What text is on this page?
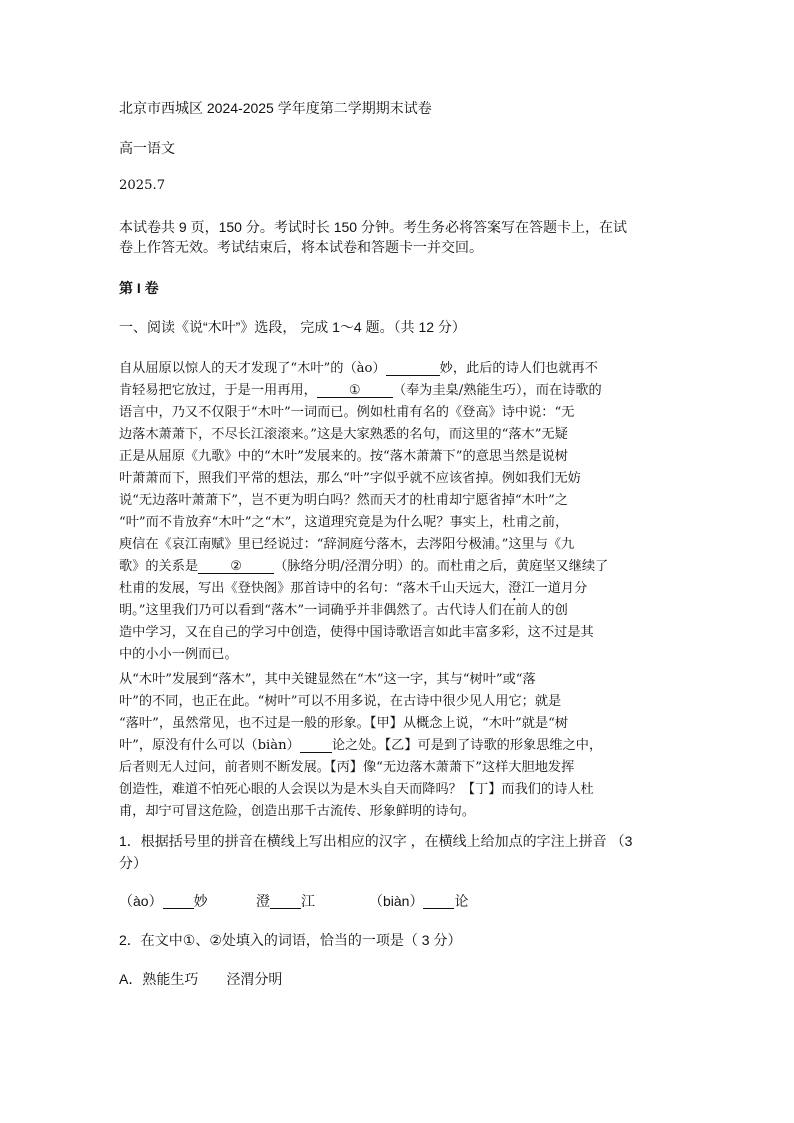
北京市西城区 2024-2025 学年度第二学期期末试卷
高一语文
2025.7
本试卷共 9 页，150 分。考试时长 150 分钟。考生务必将答案写在答题卡上，在试
卷上作答无效。考试结束后，将本试卷和答题卡一并交回。
第 I 卷
一、阅读《说“木叶”》选段， 完成 1～4 题。（共 12 分）
自从屈原以惊人的天才发现了“木叶”的（ào）	妙，此后的诗人们也就再不
肯轻易把它放过，于是一用再用， ① （奉为圭臬/熟能生巧），而在诗歌的
语言中，乃又不仅限于“木叶”一词而已。例如杜甫有名的《登高》诗中说：“无
边落木萧萧下，不尽长江滚滚来。”这是大家熟悉的名句，而这里的“落木”无疑
正是从屈原《九歌》中的“木叶”发展来的。按“落木萧萧下”的意思当然是说树
叶萧萧而下，照我们平常的想法，那么“叶”字似乎就不应该省掉。例如我们无妨
说“无边落叶萧萧下”，岂不更为明白吗？然而天才的杜甫却宁愿省掉“木叶”之
“叶”而不肯放弃“木叶”之“木”，这道理究竟是为什么呢？事实上，杜甫之前，
庾信在《哀江南赋》里已经说过：“辞洞庭兮落木，去涔阳兮极浦。”这里与《九
歌》的关系是 ② （脉络分明/泾渭分明）的。而杜甫之后，黄庭坚又继续了
杜甫的发展，写出《登快阁》那首诗中的名句：“落木千山天远大，澄江一道月分
明。”这里我们乃可以看到“落木”一词确乎并非偶然了。古代诗人们在前人的创
造中学习，又在自己的学习中创造，使得中国诗歌语言如此丰富多彩，这不过是其
中的小小一例而已。
从“木叶”发展到“落木”，其中关键显然在“木”这一字，其与“树叶”或“落
叶”的不同，也正在此。“树叶”可以不用多说，在古诗中很少见人用它；就是
“落叶”，虽然常见，也不过是一般的形象。【甲】从概念上说，“木叶”就是“树
叶”，原没有什么可以（biàn） 论之处。【乙】可是到了诗歌的形象思维之中，
后者则无人过问，前者则不断发展。【丙】像“无边落木萧萧下”这样大胆地发挥
创造性，难道不怕死心眼的人会误以为是木头自天而降吗？【丁】而我们的诗人杜
甫，却宁可冒这危险，创造出那千古流传、形象鲜明的诗句。
1．根据括号里的拼音在横线上写出相应的汉字 ，在横线上给加点的字注上拼音 （3
分）
（ào） 妙	澄 江	（biàn） 论
2．在文中①、②处填入的词语，恰当的一项是（ 3 分）
A．熟能生巧 泾渭分明
